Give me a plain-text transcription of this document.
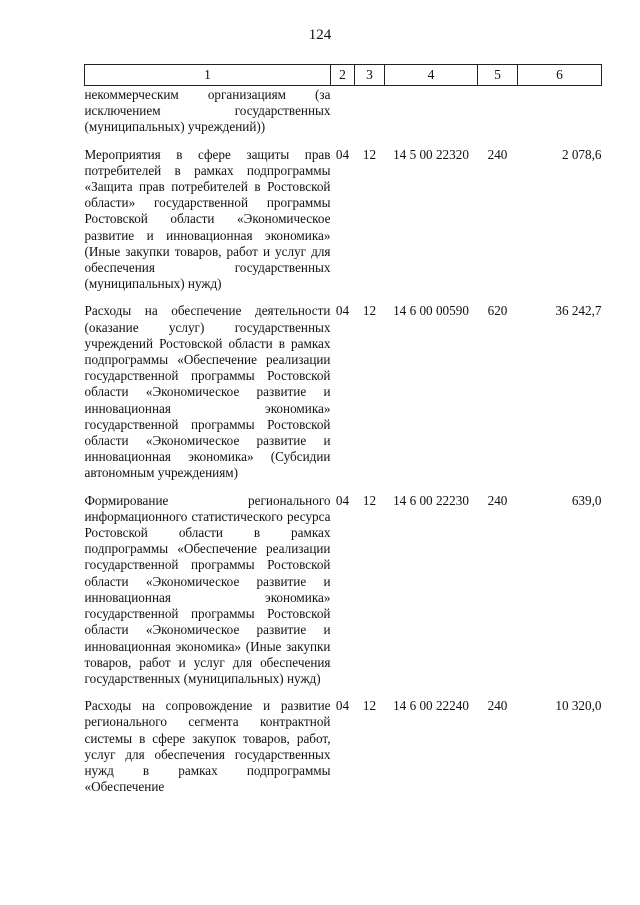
124
1	2	3	4	5	6
некоммерческим организациям (за исключением государственных (муниципальных) учреждений))					
Мероприятия в сфере защиты прав потребителей в рамках подпрограммы «Защита прав потребителей в Ростовской области» государственной программы Ростовской области «Экономическое развитие и инновационная экономика» (Иные закупки товаров, работ и услуг для обеспечения государственных (муниципальных) нужд)	04	12	14 5 00 22320	240	2 078,6
Расходы на обеспечение деятельности (оказание услуг) государственных учреждений Ростовской области в рамках подпрограммы «Обеспечение реализации государственной программы Ростовской области «Экономическое развитие и инновационная экономика» государственной программы Ростовской области «Экономическое развитие и инновационная экономика» (Субсидии автономным учреждениям)	04	12	14 6 00 00590	620	36 242,7
Формирование регионального информационного статистического ресурса Ростовской области в рамках подпрограммы «Обеспечение реализации государственной программы Ростовской области «Экономическое развитие и инновационная экономика» государственной программы Ростовской области «Экономическое развитие и инновационная экономика» (Иные закупки товаров, работ и услуг для обеспечения государственных (муниципальных) нужд)	04	12	14 6 00 22230	240	639,0
Расходы на сопровождение и развитие регионального сегмента контрактной системы в сфере закупок товаров, работ, услуг для обеспечения государственных нужд в рамках подпрограммы «Обеспечение	04	12	14 6 00 22240	240	10 320,0
